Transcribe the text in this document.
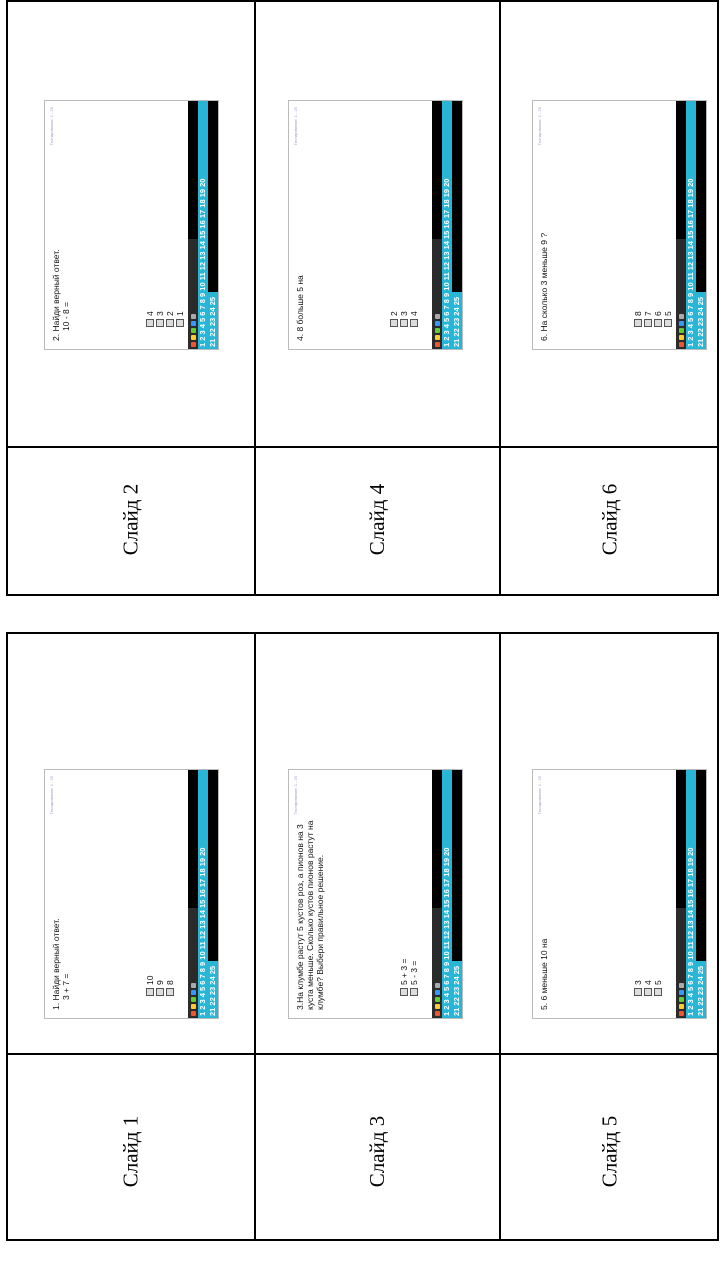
Тестирование: 1 - 25
2. Найди верный ответ. 10 - 8 =	4 3 2 1

1 2 3 4 5 6 7 8 9 10 11 12 13 14 15 16 17 18 19 20 21 22 23 24 25
Тестирование: 1 - 25
4. 8 больше 5 на	2 3 4

	1 2 3 4 5 6 7 8 9 10 11 12 13 14 15 16 17 18 19 20 21 22 23 24 25
Тестирование: 1 - 25
6. На сколько 3 меньше 9 ?	8 7 6 5

1 2 3 4 5 6 7 8 9 10 11 12 13 14 15 16 17 18 19 20 21 22 23 24 25
Слайд 2	Слайд 4	Слайд 6
Тестирование: 1 - 25
1. Найди верный ответ. 3 + 7 =	10 9 8

	1 2 3 4 5 6 7 8 9 10 11 12 13 14 15 16 17 18 19 20 21 22 23 24 25
Тестирование: 1 - 25
3.На клумбе растут 5 кустов роз, а пионов на 3 куста меньше. Сколько кустов пионов растут на клумбе? Выбери правильное решение.	5 + 3 = 5 - 3 =

	1 2 3 4 5 6 7 8 9 10 11 12 13 14 15 16 17 18 19 20 21 22 23 24 25
Тестирование: 1 - 25
5. 6 меньше 10 на	3 4 5

	1 2 3 4 5 6 7 8 9 10 11 12 13 14 15 16 17 18 19 20 21 22 23 24 25
Слайд 1	Слайд 3	Слайд 5
